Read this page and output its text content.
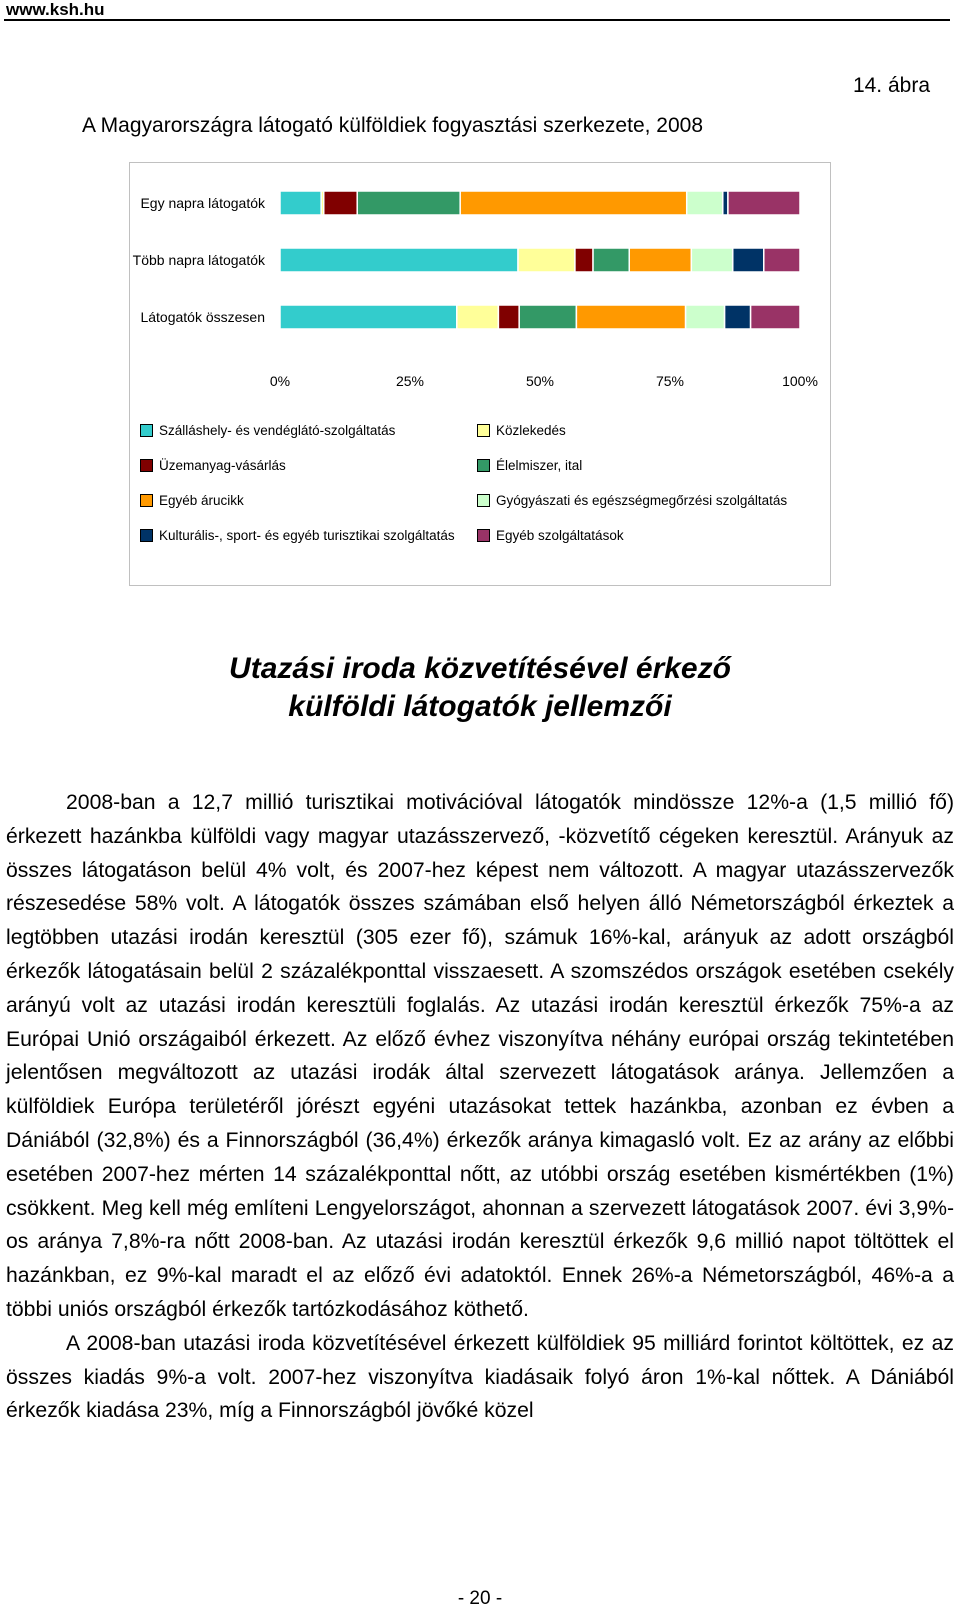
www.ksh.hu
14. ábra
A Magyarországra látogató külföldiek fogyasztási szerkezete, 2008
Egy napra látogatók
Több napra látogatók
Látogatók összesen
0%	25%	50%	75%	100%
Szálláshely- és vendéglátó-szolgáltatás	Közlekedés
Üzemanyag-vásárlás	Élelmiszer, ital
Egyéb árucikk	Gyógyászati és egészségmegőrzési szolgáltatás
Kulturális-, sport- és egyéb turisztikai szolgáltatás	Egyéb szolgáltatások
Utazási iroda közvetítésével érkező
külföldi látogatók jellemzői

2008-ban a 12,7 millió turisztikai motivációval látogatók mindössze 12%-a (1,5 millió fő) érkezett hazánkba külföldi vagy magyar utazásszervező, -közvetítő cégeken keresztül. Arányuk az összes látogatáson belül 4% volt, és 2007-hez képest nem változott. A magyar utazásszervezők részesedése 58% volt. A látogatók összes számában első helyen álló Németországból érkeztek a legtöbben utazási irodán keresztül (305 ezer fő), számuk 16%-kal, arányuk az adott országból érkezők látogatásain belül 2 százalékponttal visszaesett. A szomszédos országok esetében csekély arányú volt az utazási irodán keresztüli foglalás. Az utazási irodán keresztül érkezők 75%-a az Európai Unió országaiból érkezett. Az előző évhez viszonyítva néhány európai ország tekintetében jelentősen megváltozott az utazási irodák által szervezett látogatások aránya. Jellemzően a külföldiek Európa területéről jórészt egyéni utazásokat tettek hazánkba, azonban ez évben a Dániából (32,8%) és a Finnországból (36,4%) érkezők aránya kimagasló volt. Ez az arány az előbbi esetében 2007-hez mérten 14 százalékponttal nőtt, az utóbbi ország esetében kismértékben (1%) csökkent. Meg kell még említeni Lengyelországot, ahonnan a szervezett látogatások 2007. évi 3,9%-os aránya 7,8%-ra nőtt 2008-ban. Az utazási irodán keresztül érkezők 9,6 millió napot töltöttek el hazánkban, ez 9%-kal maradt el az előző évi adatoktól. Ennek 26%-a Németországból, 46%-a a többi uniós országból érkezők tartózkodásához köthető.

A 2008-ban utazási iroda közvetítésével érkezett külföldiek 95 milliárd forintot költöttek, ez az összes kiadás 9%-a volt. 2007-hez viszonyítva kiadásaik folyó áron 1%-kal nőttek. A Dániából érkezők kiadása 23%, míg a Finnországból jövőké közel

- 20 -
